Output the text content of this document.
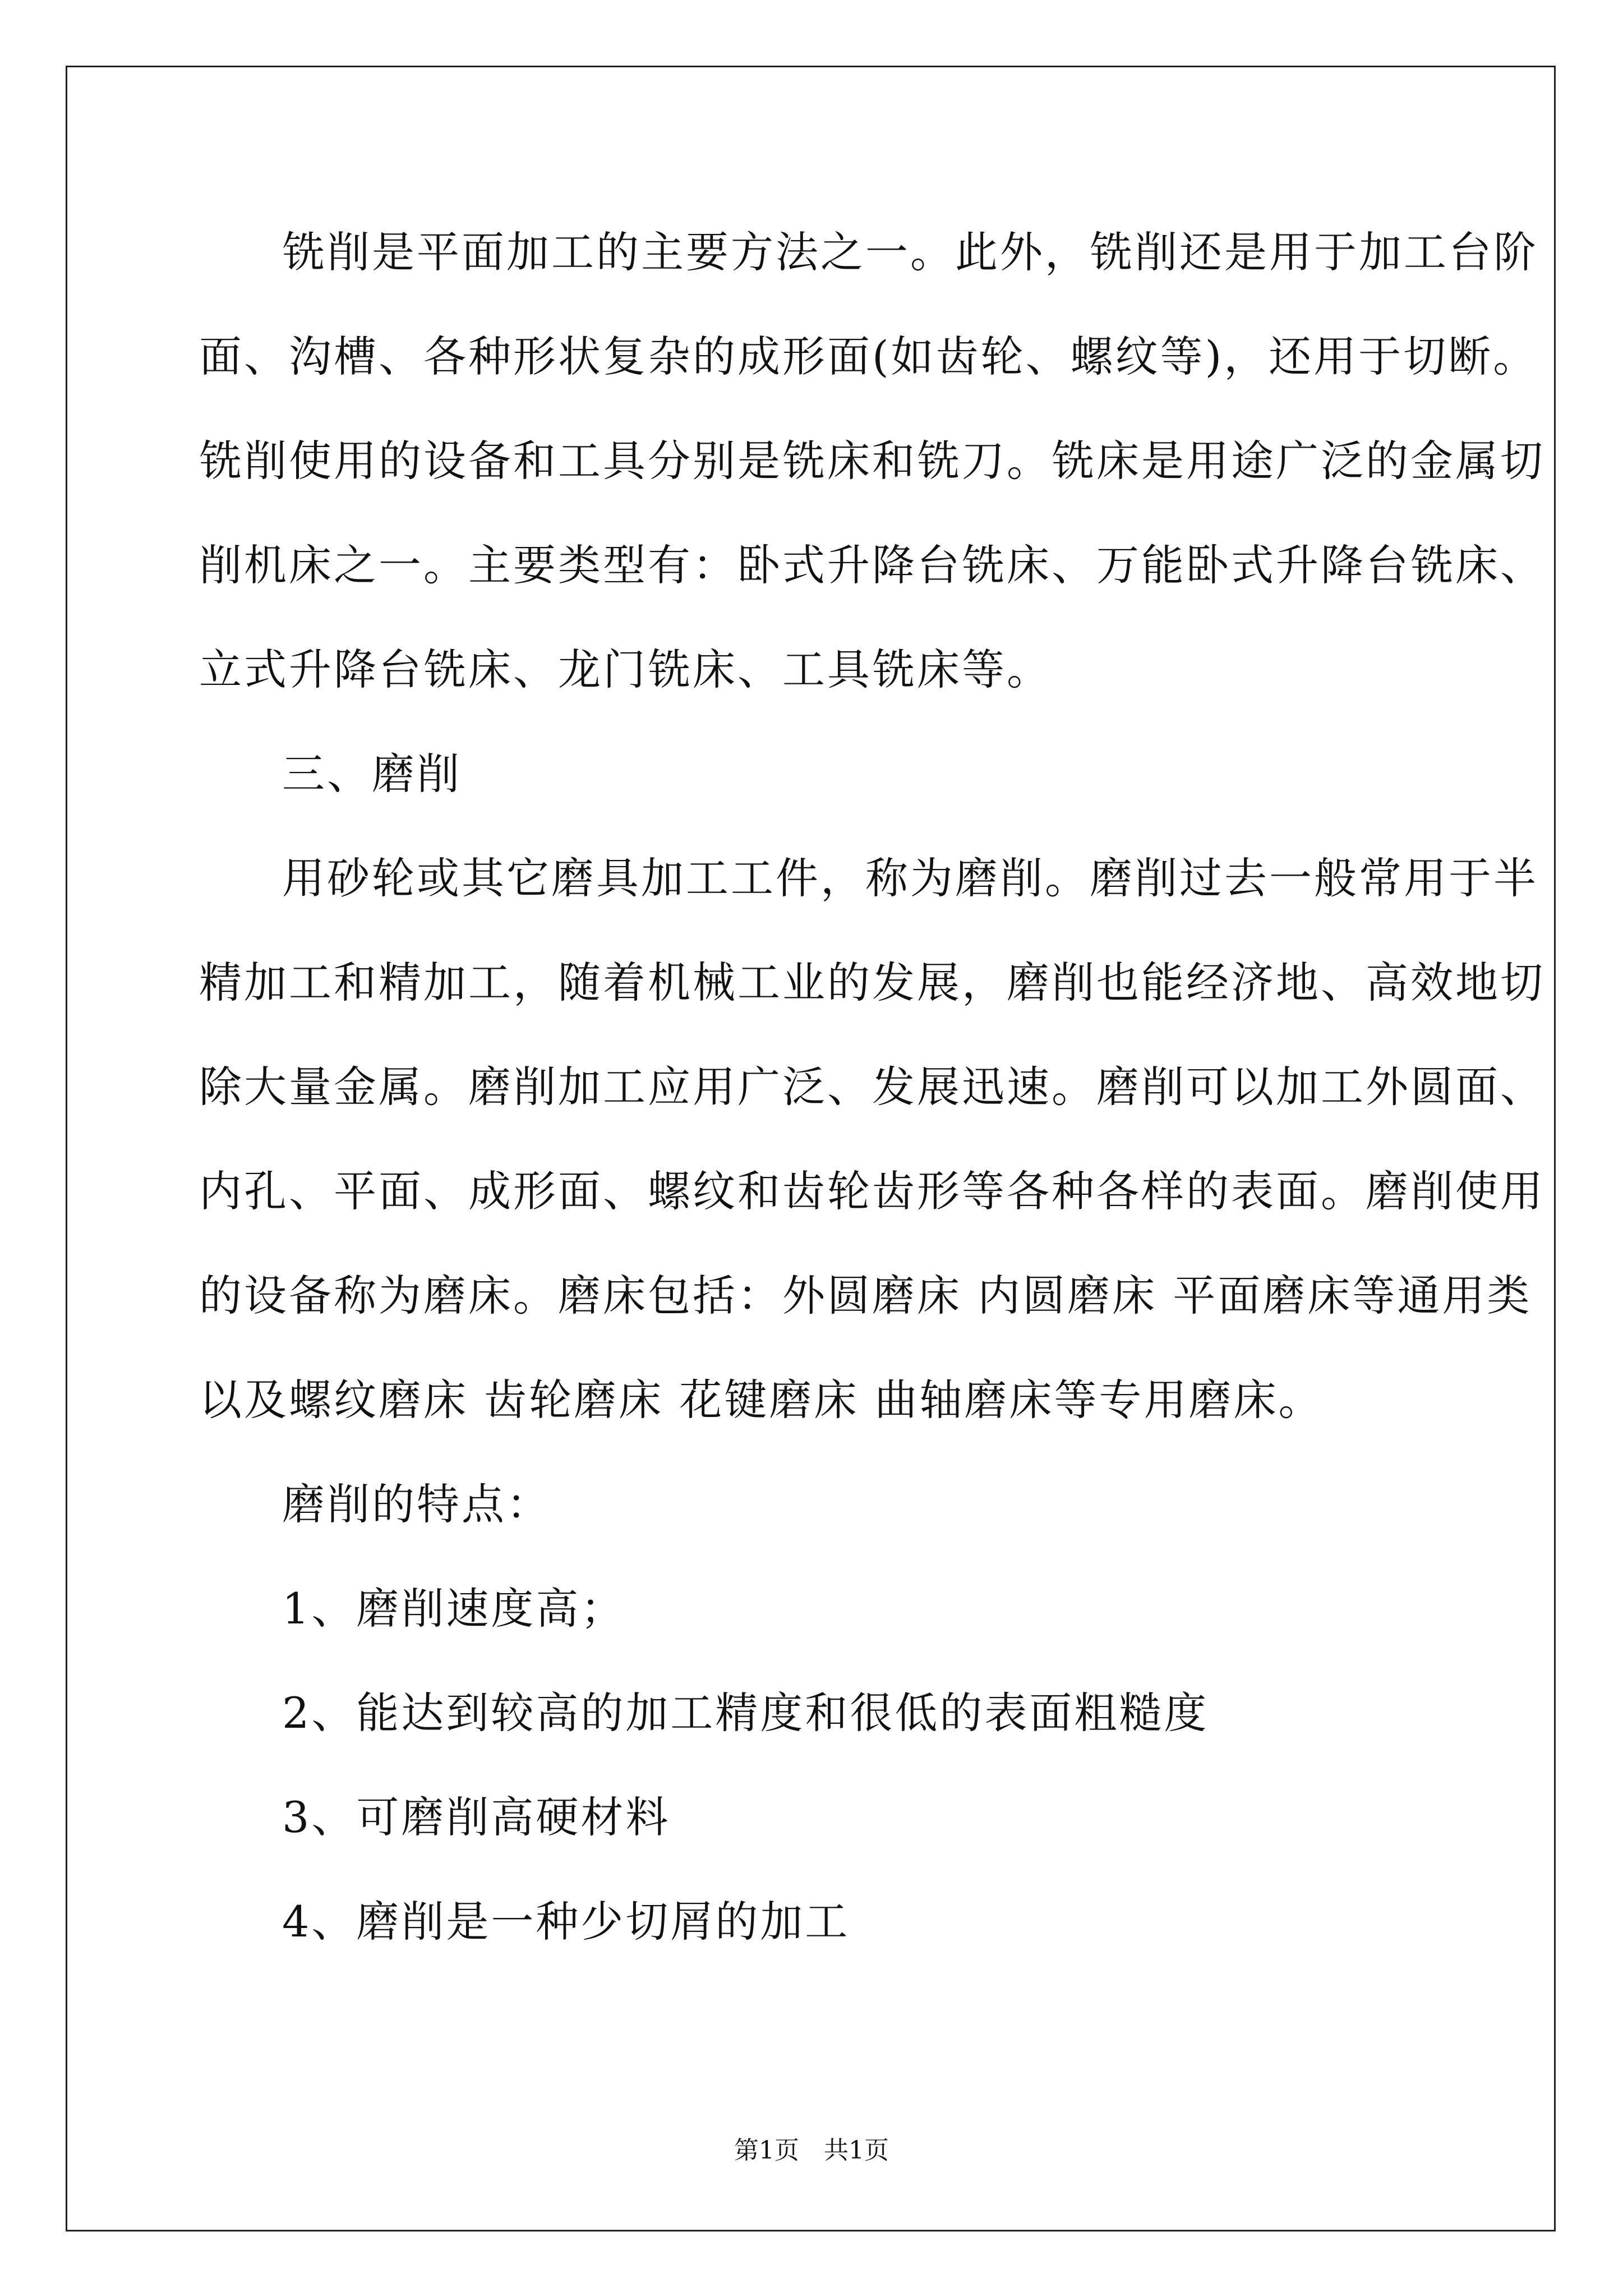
铣削是平面加工的主要方法之一。此外，铣削还是用于加工台阶
面、沟槽、各种形状复杂的成形面(如齿轮、螺纹等)，还用于切断。
铣削使用的设备和工具分别是铣床和铣刀。铣床是用途广泛的金属切
削机床之一。主要类型有：卧式升降台铣床、万能卧式升降台铣床、
立式升降台铣床、龙门铣床、工具铣床等。
三、磨削
用砂轮或其它磨具加工工件，称为磨削。磨削过去一般常用于半
精加工和精加工，随着机械工业的发展，磨削也能经济地、高效地切
除大量金属。磨削加工应用广泛、发展迅速。磨削可以加工外圆面、
内孔、平面、成形面、螺纹和齿轮齿形等各种各样的表面。磨削使用
的设备称为磨床。磨床包括：外圆磨床 内圆磨床 平面磨床等通用类
以及螺纹磨床 齿轮磨床 花键磨床 曲轴磨床等专用磨床。
磨削的特点：
1、磨削速度高；
2、能达到较高的加工精度和很低的表面粗糙度
3、可磨削高硬材料
4、磨削是一种少切屑的加工
第1页　共1页
